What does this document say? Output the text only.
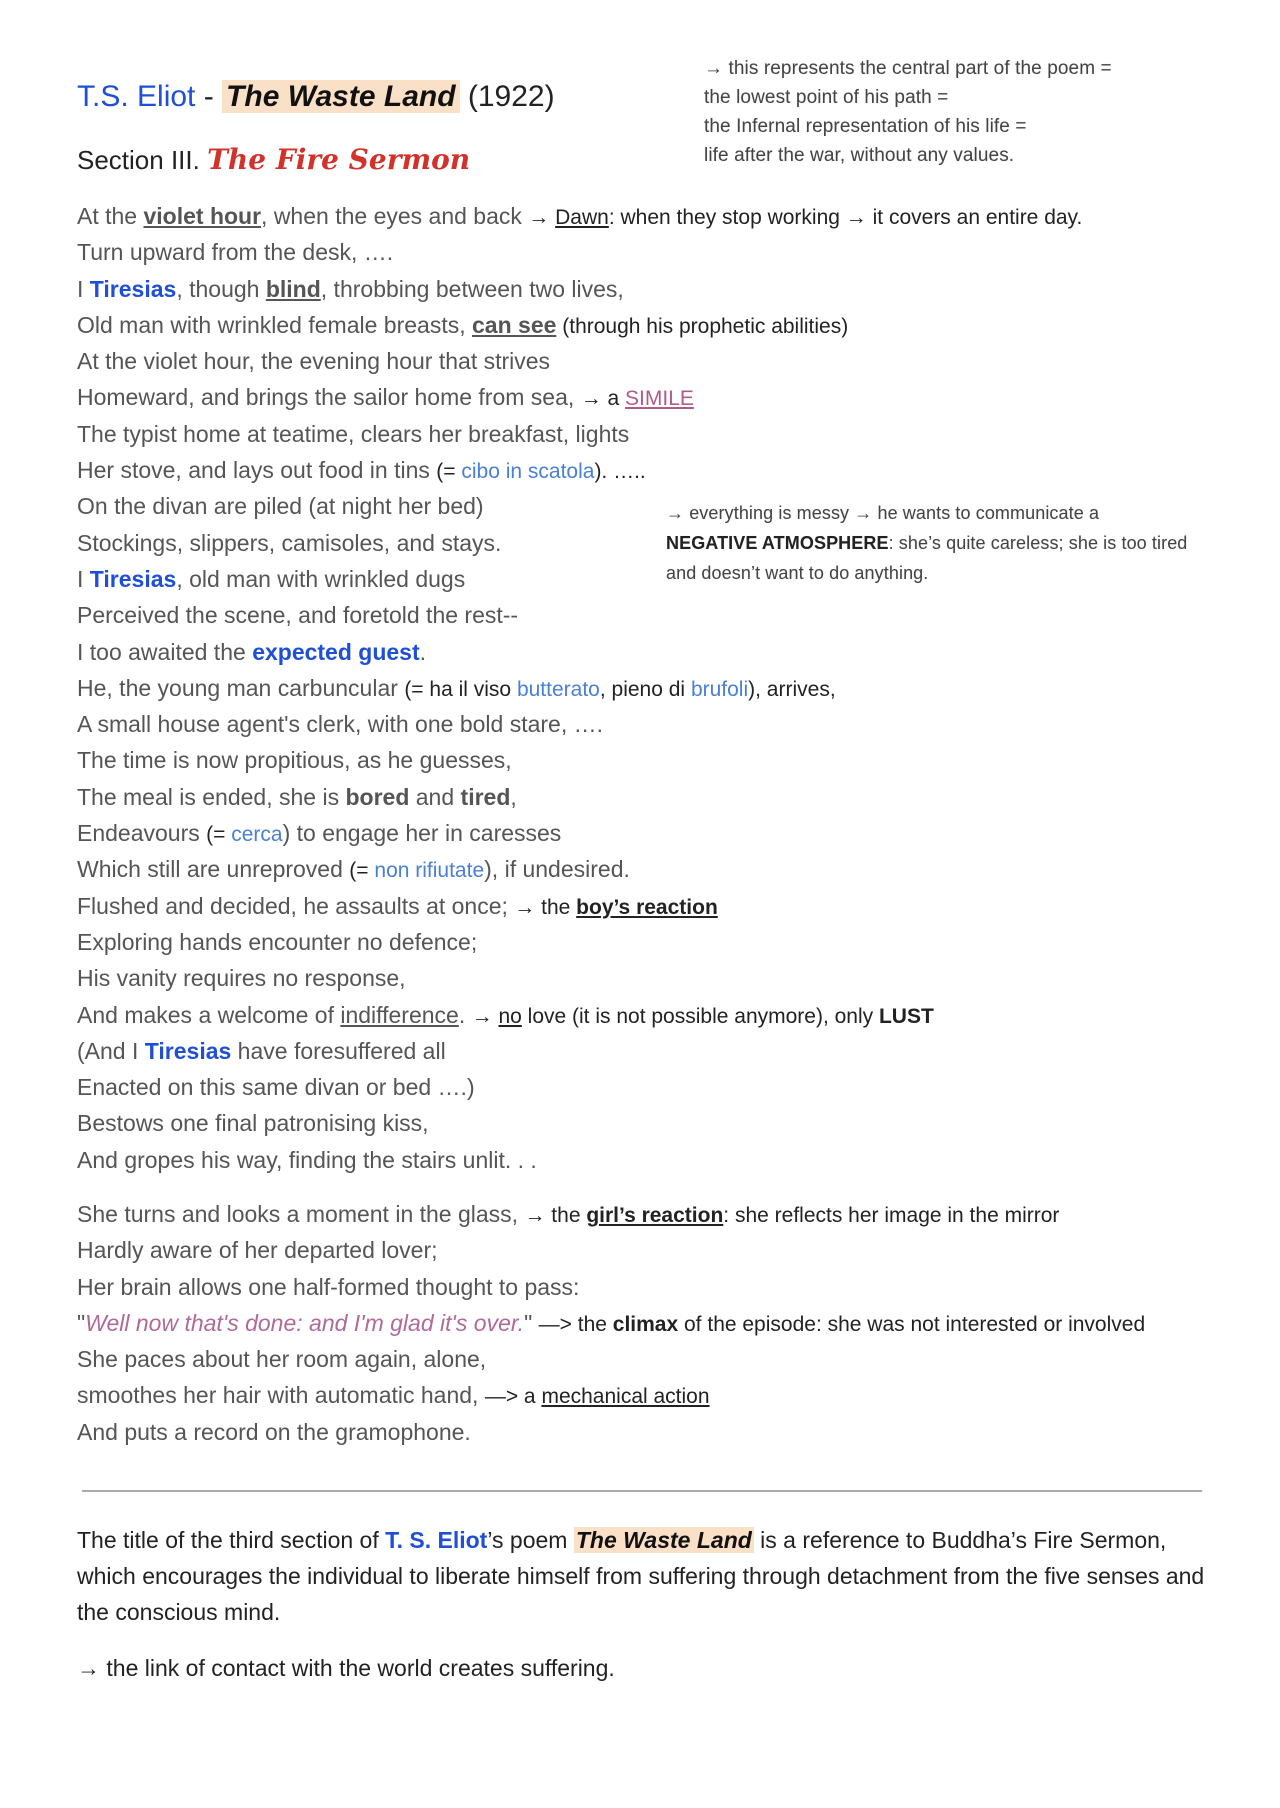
T.S. Eliot - The Waste Land (1922)
Section III. The Fire Sermon
→ this represents the central part of the poem =
the lowest point of his path =
the Infernal representation of his life =
life after the war, without any values.
→ everything is messy → he wants to communicate a
NEGATIVE ATMOSPHERE: she’s quite careless; she is too tired
and doesn’t want to do anything.
At the violet hour, when the eyes and back → Dawn: when they stop working → it covers an entire day.
Turn upward from the desk, ….
I Tiresias, though blind, throbbing between two lives,
Old man with wrinkled female breasts, can see (through his prophetic abilities)
At the violet hour, the evening hour that strives
Homeward, and brings the sailor home from sea, → a SIMILE
The typist home at teatime, clears her breakfast, lights
Her stove, and lays out food in tins (= cibo in scatola). …..
On the divan are piled (at night her bed)
Stockings, slippers, camisoles, and stays.
I Tiresias, old man with wrinkled dugs
Perceived the scene, and foretold the rest--
I too awaited the expected guest.
He, the young man carbuncular (= ha il viso butterato, pieno di brufoli), arrives,
A small house agent's clerk, with one bold stare, ….
The time is now propitious, as he guesses,
The meal is ended, she is bored and tired,
Endeavours (= cerca) to engage her in caresses
Which still are unreproved (= non rifiutate), if undesired.
Flushed and decided, he assaults at once; → the boy’s reaction
Exploring hands encounter no defence;
His vanity requires no response,
And makes a welcome of indifference. → no love (it is not possible anymore), only LUST
(And I Tiresias have foresuffered all
Enacted on this same divan or bed ….)
Bestows one final patronising kiss,
And gropes his way, finding the stairs unlit. . .
She turns and looks a moment in the glass, → the girl’s reaction: she reflects her image in the mirror
Hardly aware of her departed lover;
Her brain allows one half-formed thought to pass:
"Well now that's done: and I'm glad it's over." —> the climax of the episode: she was not interested or involved
She paces about her room again, alone,
smoothes her hair with automatic hand, —> a mechanical action
And puts a record on the gramophone.
The title of the third section of T. S. Eliot’s poem The Waste Land is a reference to Buddha’s Fire Sermon, which encourages the individual to liberate himself from suffering through detachment from the five senses and the conscious mind.
→ the link of contact with the world creates suffering.
